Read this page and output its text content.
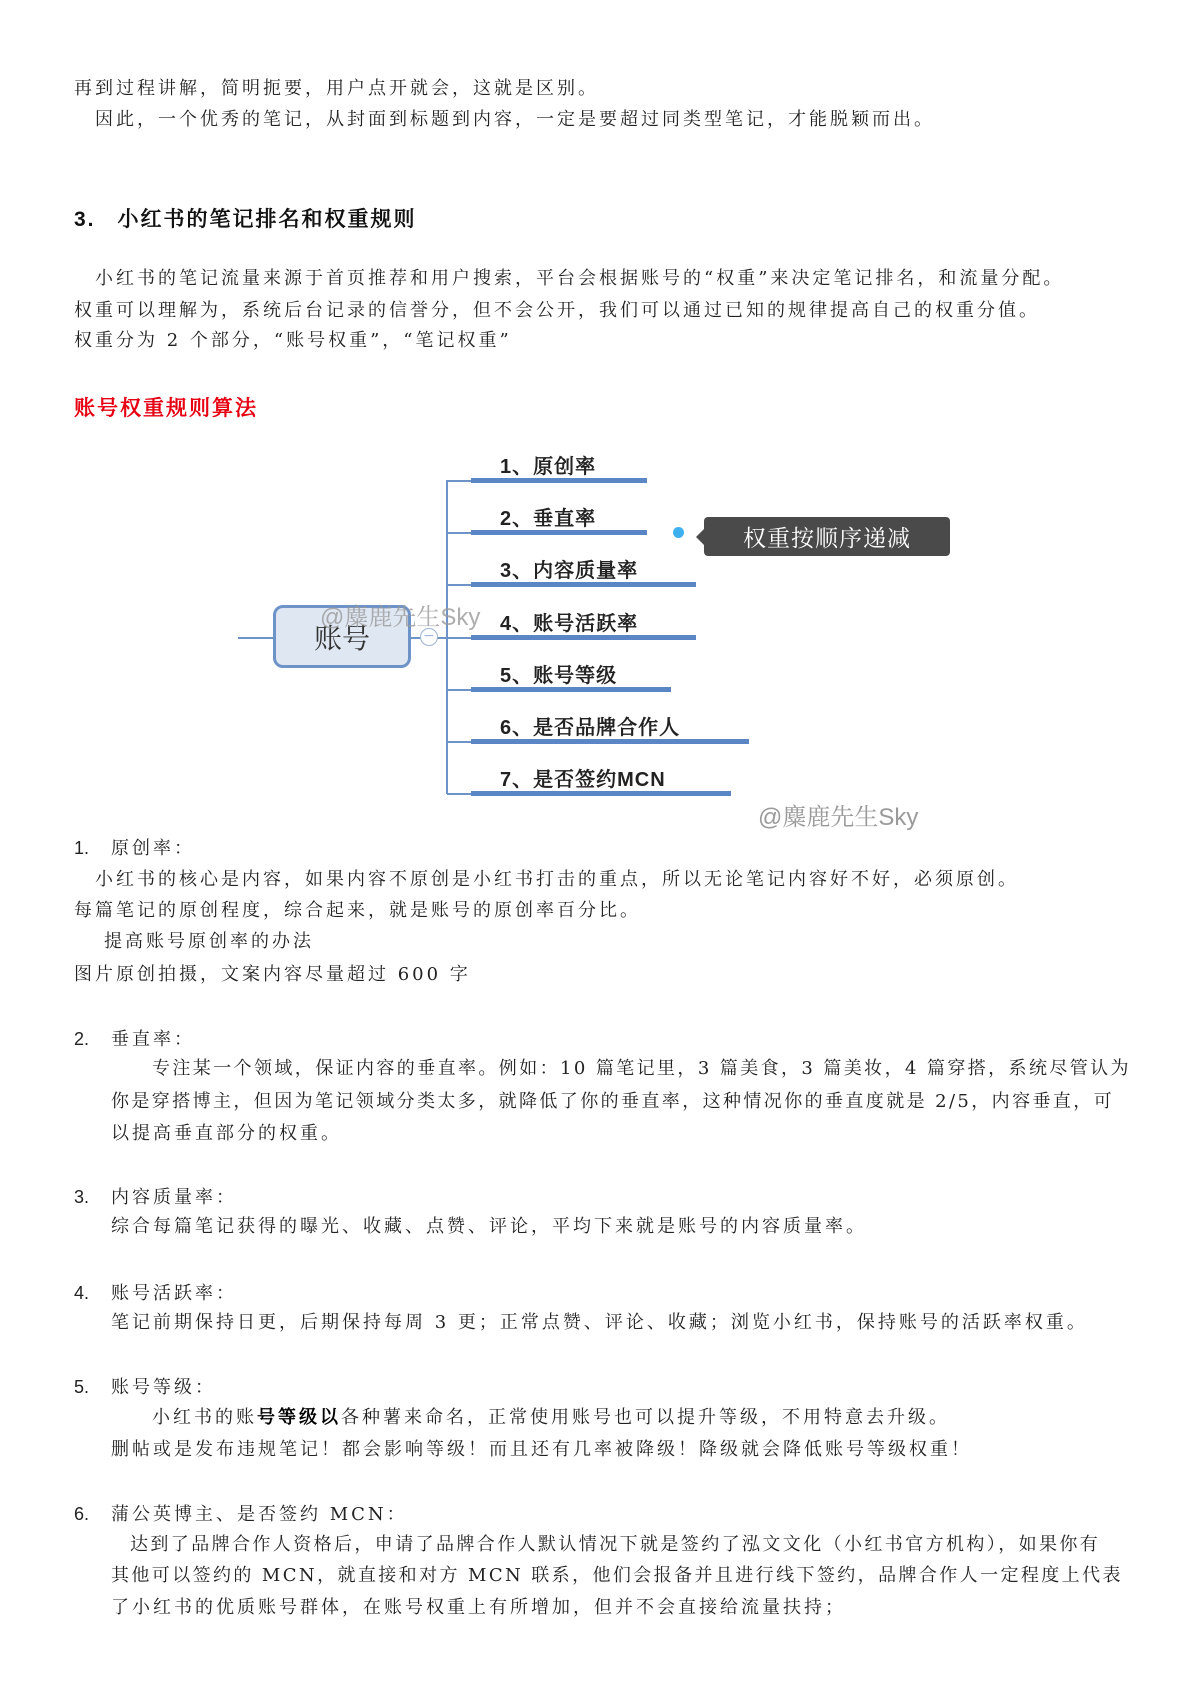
再到过程讲解，简明扼要，用户点开就会，这就是区别。
因此，一个优秀的笔记，从封面到标题到内容，一定是要超过同类型笔记，才能脱颖而出。
3. 小红书的笔记排名和权重规则
小红书的笔记流量来源于首页推荐和用户搜索，平台会根据账号的“权重”来决定笔记排名，和流量分配。
权重可以理解为，系统后台记录的信誉分，但不会公开，我们可以通过已知的规律提高自己的权重分值。
权重分为 2 个部分，“账号权重”，“笔记权重”
账号权重规则算法
账号	−
1、原创率
2、垂直率
3、内容质量率
4、账号活跃率
5、账号等级
6、是否品牌合作人
7、是否签约MCN
权重按顺序递减
@麋鹿先生Sky
@麋鹿先生Sky
1. 原创率：
小红书的核心是内容，如果内容不原创是小红书打击的重点，所以无论笔记内容好不好，必须原创。
每篇笔记的原创程度，综合起来，就是账号的原创率百分比。
提高账号原创率的办法
图片原创拍摄，文案内容尽量超过 600 字
2. 垂直率：
专注某一个领域，保证内容的垂直率。例如：10 篇笔记里，3 篇美食，3 篇美妆，4 篇穿搭，系统尽管认为
你是穿搭博主，但因为笔记领域分类太多，就降低了你的垂直率，这种情况你的垂直度就是 2/5，内容垂直，可
以提高垂直部分的权重。
3. 内容质量率：
综合每篇笔记获得的曝光、收藏、点赞、评论，平均下来就是账号的内容质量率。
4. 账号活跃率：
笔记前期保持日更，后期保持每周 3 更；正常点赞、评论、收藏；浏览小红书，保持账号的活跃率权重。
5. 账号等级：
小红书的账号等级以各种薯来命名，正常使用账号也可以提升等级，不用特意去升级。
删帖或是发布违规笔记！都会影响等级！而且还有几率被降级！降级就会降低账号等级权重！
6. 蒲公英博主、是否签约 MCN：
达到了品牌合作人资格后，申请了品牌合作人默认情况下就是签约了泓文文化（小红书官方机构），如果你有
其他可以签约的 MCN，就直接和对方 MCN 联系，他们会报备并且进行线下签约，品牌合作人一定程度上代表
了小红书的优质账号群体，在账号权重上有所增加，但并不会直接给流量扶持；
